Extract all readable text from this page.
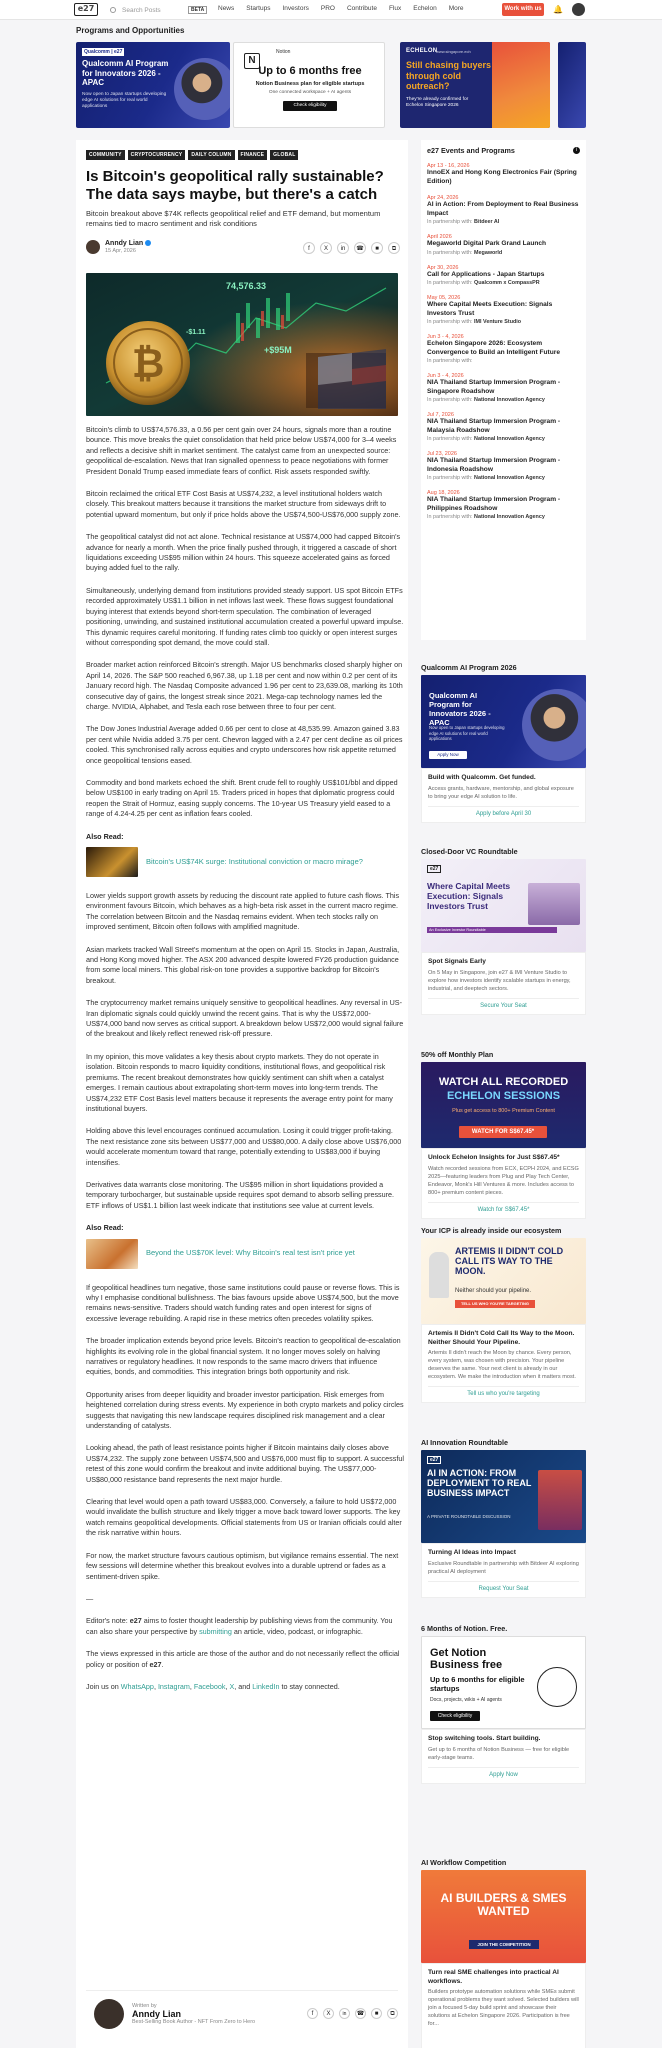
e27	Search Posts	BETA	News Startups Investors PRO Contribute Flux Echelon More	Work with us 🔔
Programs and Opportunities
Qualcomm | e27
Qualcomm AI Program for Innovators 2026 - APAC
Now open to Japan startups developing edge AI solutions for real world applications
N
Notion
Up to 6 months free
Notion Business plan for eligible startups
One connected workspace + AI agents
Check eligibility
ECHELON
www.singapore.ech
Still chasing buyers through cold outreach?
They're already confirmed for Echelon Singapore 2026
COMMUNITY	CRYPTOCURRENCY	DAILY COLUMN	FINANCE	GLOBAL
Is Bitcoin's geopolitical rally sustainable? The data says maybe, but there's a catch
Bitcoin breakout above $74K reflects geopolitical relief and ETF demand, but momentum remains tied to macro sentiment and risk conditions
Anndy Lian
15 Apr, 2026	f	X	in	☎	■	⧉
₿
74,576.33
+$95M
-$1.11

Bitcoin's climb to US$74,576.33, a 0.56 per cent gain over 24 hours, signals more than a routine bounce. This move breaks the quiet consolidation that held price below US$74,000 for 3–4 weeks and reflects a decisive shift in market sentiment. The catalyst came from an unexpected source: geopolitical de-escalation. News that Iran signalled openness to peace negotiations with former President Donald Trump eased immediate fears of conflict. Risk assets responded swiftly.

Bitcoin reclaimed the critical ETF Cost Basis at US$74,232, a level institutional holders watch closely. This breakout matters because it transitions the market structure from sideways drift to potential upward momentum, but only if price holds above the US$74,500-US$76,000 supply zone.

The geopolitical catalyst did not act alone. Technical resistance at US$74,000 had capped Bitcoin's advance for nearly a month. When the price finally pushed through, it triggered a cascade of short liquidations exceeding US$95 million within 24 hours. This squeeze accelerated gains as forced buying added fuel to the rally.

Simultaneously, underlying demand from institutions provided steady support. US spot Bitcoin ETFs recorded approximately US$1.1 billion in net inflows last week. These flows suggest foundational buying interest that extends beyond short-term speculation. The combination of leveraged positioning, unwinding, and sustained institutional accumulation created a powerful upward impulse. This dynamic requires careful monitoring. If funding rates climb too quickly or open interest surges without corresponding spot demand, the move could stall.

Broader market action reinforced Bitcoin's strength. Major US benchmarks closed sharply higher on April 14, 2026. The S&P 500 reached 6,967.38, up 1.18 per cent and now within 0.2 per cent of its January record high. The Nasdaq Composite advanced 1.96 per cent to 23,639.08, marking its 10th consecutive day of gains, the longest streak since 2021. Mega-cap technology names led the charge. NVIDIA, Alphabet, and Tesla each rose between three to four per cent.

The Dow Jones Industrial Average added 0.66 per cent to close at 48,535.99. Amazon gained 3.83 per cent while Nvidia added 3.75 per cent. Chevron lagged with a 2.47 per cent decline as oil prices cooled. This synchronised rally across equities and crypto underscores how risk appetite returned once geopolitical tensions eased.

Commodity and bond markets echoed the shift. Brent crude fell to roughly US$101/bbl and dipped below US$100 in early trading on April 15. Traders priced in hopes that diplomatic progress could reopen the Strait of Hormuz, easing supply concerns. The 10-year US Treasury yield eased to a range of 4.24-4.25 per cent as inflation fears cooled.

Also Read:

Bitcoin's US$74K surge: Institutional conviction or macro mirage?

Lower yields support growth assets by reducing the discount rate applied to future cash flows. This environment favours Bitcoin, which behaves as a high-beta risk asset in the current macro regime. The correlation between Bitcoin and the Nasdaq remains evident. When tech stocks rally on improved sentiment, Bitcoin often follows with amplified magnitude.

Asian markets tracked Wall Street's momentum at the open on April 15. Stocks in Japan, Australia, and Hong Kong moved higher. The ASX 200 advanced despite lowered FY26 production guidance from some local miners. This global risk-on tone provides a supportive backdrop for Bitcoin's breakout.

The cryptocurrency market remains uniquely sensitive to geopolitical headlines. Any reversal in US-Iran diplomatic signals could quickly unwind the recent gains. That is why the US$72,000-US$74,000 band now serves as critical support. A breakdown below US$72,000 would signal failure of the breakout and likely reflect renewed risk-off pressure.

In my opinion, this move validates a key thesis about crypto markets. They do not operate in isolation. Bitcoin responds to macro liquidity conditions, institutional flows, and geopolitical risk premiums. The recent breakout demonstrates how quickly sentiment can shift when a catalyst emerges. I remain cautious about extrapolating short-term moves into long-term trends. The US$74,232 ETF Cost Basis level matters because it represents the average entry point for many institutional buyers.

Holding above this level encourages continued accumulation. Losing it could trigger profit-taking. The next resistance zone sits between US$77,000 and US$80,000. A daily close above US$76,000 would accelerate momentum toward that range, potentially extending to US$83,000 if buying intensifies.

Derivatives data warrants close monitoring. The US$95 million in short liquidations provided a temporary turbocharger, but sustainable upside requires spot demand to absorb selling pressure. ETF inflows of US$1.1 billion last week indicate that institutions see value at current levels.

Also Read:

Beyond the US$70K level: Why Bitcoin's real test isn't price yet

If geopolitical headlines turn negative, those same institutions could pause or reverse flows. This is why I emphasise conditional bullishness. The bias favours upside above US$74,500, but the move remains news-sensitive. Traders should watch funding rates and open interest for signs of excessive leverage rebuilding. A rapid rise in these metrics often precedes volatility spikes.

The broader implication extends beyond price levels. Bitcoin's reaction to geopolitical de-escalation highlights its evolving role in the global financial system. It no longer moves solely on halving narratives or regulatory headlines. It now responds to the same macro drivers that influence equities, bonds, and commodities. This integration brings both opportunity and risk.

Opportunity arises from deeper liquidity and broader investor participation. Risk emerges from heightened correlation during stress events. My experience in both crypto markets and policy circles suggests that navigating this new landscape requires disciplined risk management and a clear understanding of catalysts.

Looking ahead, the path of least resistance points higher if Bitcoin maintains daily closes above US$74,232. The supply zone between US$74,500 and US$76,000 must flip to support. A successful retest of this zone would confirm the breakout and invite additional buying. The US$77,000-US$80,000 resistance band represents the next major hurdle.

Clearing that level would open a path toward US$83,000. Conversely, a failure to hold US$72,000 would invalidate the bullish structure and likely trigger a move back toward lower supports. The key watch remains geopolitical developments. Official statements from US or Iranian officials could alter the risk narrative within hours.

For now, the market structure favours cautious optimism, but vigilance remains essential. The next few sessions will determine whether this breakout evolves into a durable uptrend or fades as a sentiment-driven spike.

—

Editor's note: e27 aims to foster thought leadership by publishing views from the community. You can also share your perspective by submitting an article, video, podcast, or infographic.

The views expressed in this article are those of the author and do not necessarily reflect the official policy or position of e27.

Join us on WhatsApp, Instagram, Facebook, X, and LinkedIn to stay connected.

Written by
Anndy Lian
Best-Selling Book Author - NFT From Zero to Hero
f	X	in	☎	■	⧉
e27 Events and Programs	i
Apr 13 - 16, 2026
InnoEX and Hong Kong Electronics Fair (Spring Edition)
Apr 24, 2026
AI in Action: From Deployment to Real Business Impact
In partnership with: Bitdeer AI
April 2026
Megaworld Digital Park Grand Launch
In partnership with: Megaworld
Apr 30, 2026
Call for Applications - Japan Startups
In partnership with: Qualcomm x CompassPR
May 05, 2026
Where Capital Meets Execution: Signals Investors Trust
In partnership with: IMI Venture Studio
Jun 3 - 4, 2026
Echelon Singapore 2026: Ecosystem Convergence to Build an Intelligent Future
In partnership with:
Jun 3 - 4, 2026
NIA Thailand Startup Immersion Program - Singapore Roadshow
In partnership with: National Innovation Agency
Jul 7, 2026
NIA Thailand Startup Immersion Program - Malaysia Roadshow
In partnership with: National Innovation Agency
Jul 23, 2026
NIA Thailand Startup Immersion Program - Indonesia Roadshow
In partnership with: National Innovation Agency
Aug 18, 2026
NIA Thailand Startup Immersion Program - Philippines Roadshow
In partnership with: National Innovation Agency
Qualcomm AI Program 2026
Qualcomm AI Program for Innovators 2026 - APAC
Now open to Japan startups developing edge AI solutions for real world applications
Apply Now
Build with Qualcomm. Get funded.
Access grants, hardware, mentorship, and global exposure to bring your edge AI solution to life.
Apply before April 30
Closed-Door VC Roundtable
e27
Where Capital Meets Execution: Signals Investors Trust
An Exclusive Investor Roundtable
Spot Signals Early
On 5 May in Singapore, join e27 & IMI Venture Studio to explore how investors identify scalable startups in energy, industrial, and deeptech sectors.
Secure Your Seat
50% off Monthly Plan
WATCH ALL RECORDED
ECHELON SESSIONS
Plus get access to 800+ Premium Content
WATCH FOR S$67.45*
Unlock Echelon Insights for Just S$67.45*
Watch recorded sessions from ECX, ECPH 2024, and ECSG 2025—featuring leaders from Plug and Play Tech Center, Endeavor, Monk's Hill Ventures & more. Includes access to 800+ premium content pieces.
Watch for S$67.45*
Your ICP is already inside our ecosystem
ARTEMIS II DIDN'T COLD CALL ITS WAY TO THE MOON.
Neither should your pipeline.
TELL US WHO YOU'RE TARGETING
Artemis II Didn't Cold Call Its Way to the Moon. Neither Should Your Pipeline.
Artemis II didn't reach the Moon by chance. Every person, every system, was chosen with precision. Your pipeline deserves the same. Your next client is already in our ecosystem. We make the introduction when it matters most.
Tell us who you're targeting
AI Innovation Roundtable
e27
AI IN ACTION: FROM DEPLOYMENT TO REAL BUSINESS IMPACT
A PRIVATE ROUNDTABLE DISCUSSION
Turning AI Ideas into Impact
Exclusive Roundtable in partnership with Bitdeer AI exploring practical AI deployment
Request Your Seat
6 Months of Notion. Free.
Get Notion Business free
Up to 6 months for eligible startups
Docs, projects, wikis + AI agents
Check eligibility
Stop switching tools. Start building.
Get up to 6 months of Notion Business — free for eligible early-stage teams.
Apply Now
AI Workflow Competition
AI BUILDERS & SMES WANTED
JOIN THE COMPETITION
Turn real SME challenges into practical AI workflows.
Builders prototype automation solutions while SMEs submit operational problems they want solved. Selected builders will join a focused 5-day build sprint and showcase their solutions at Echelon Singapore 2026. Participation is free for...
